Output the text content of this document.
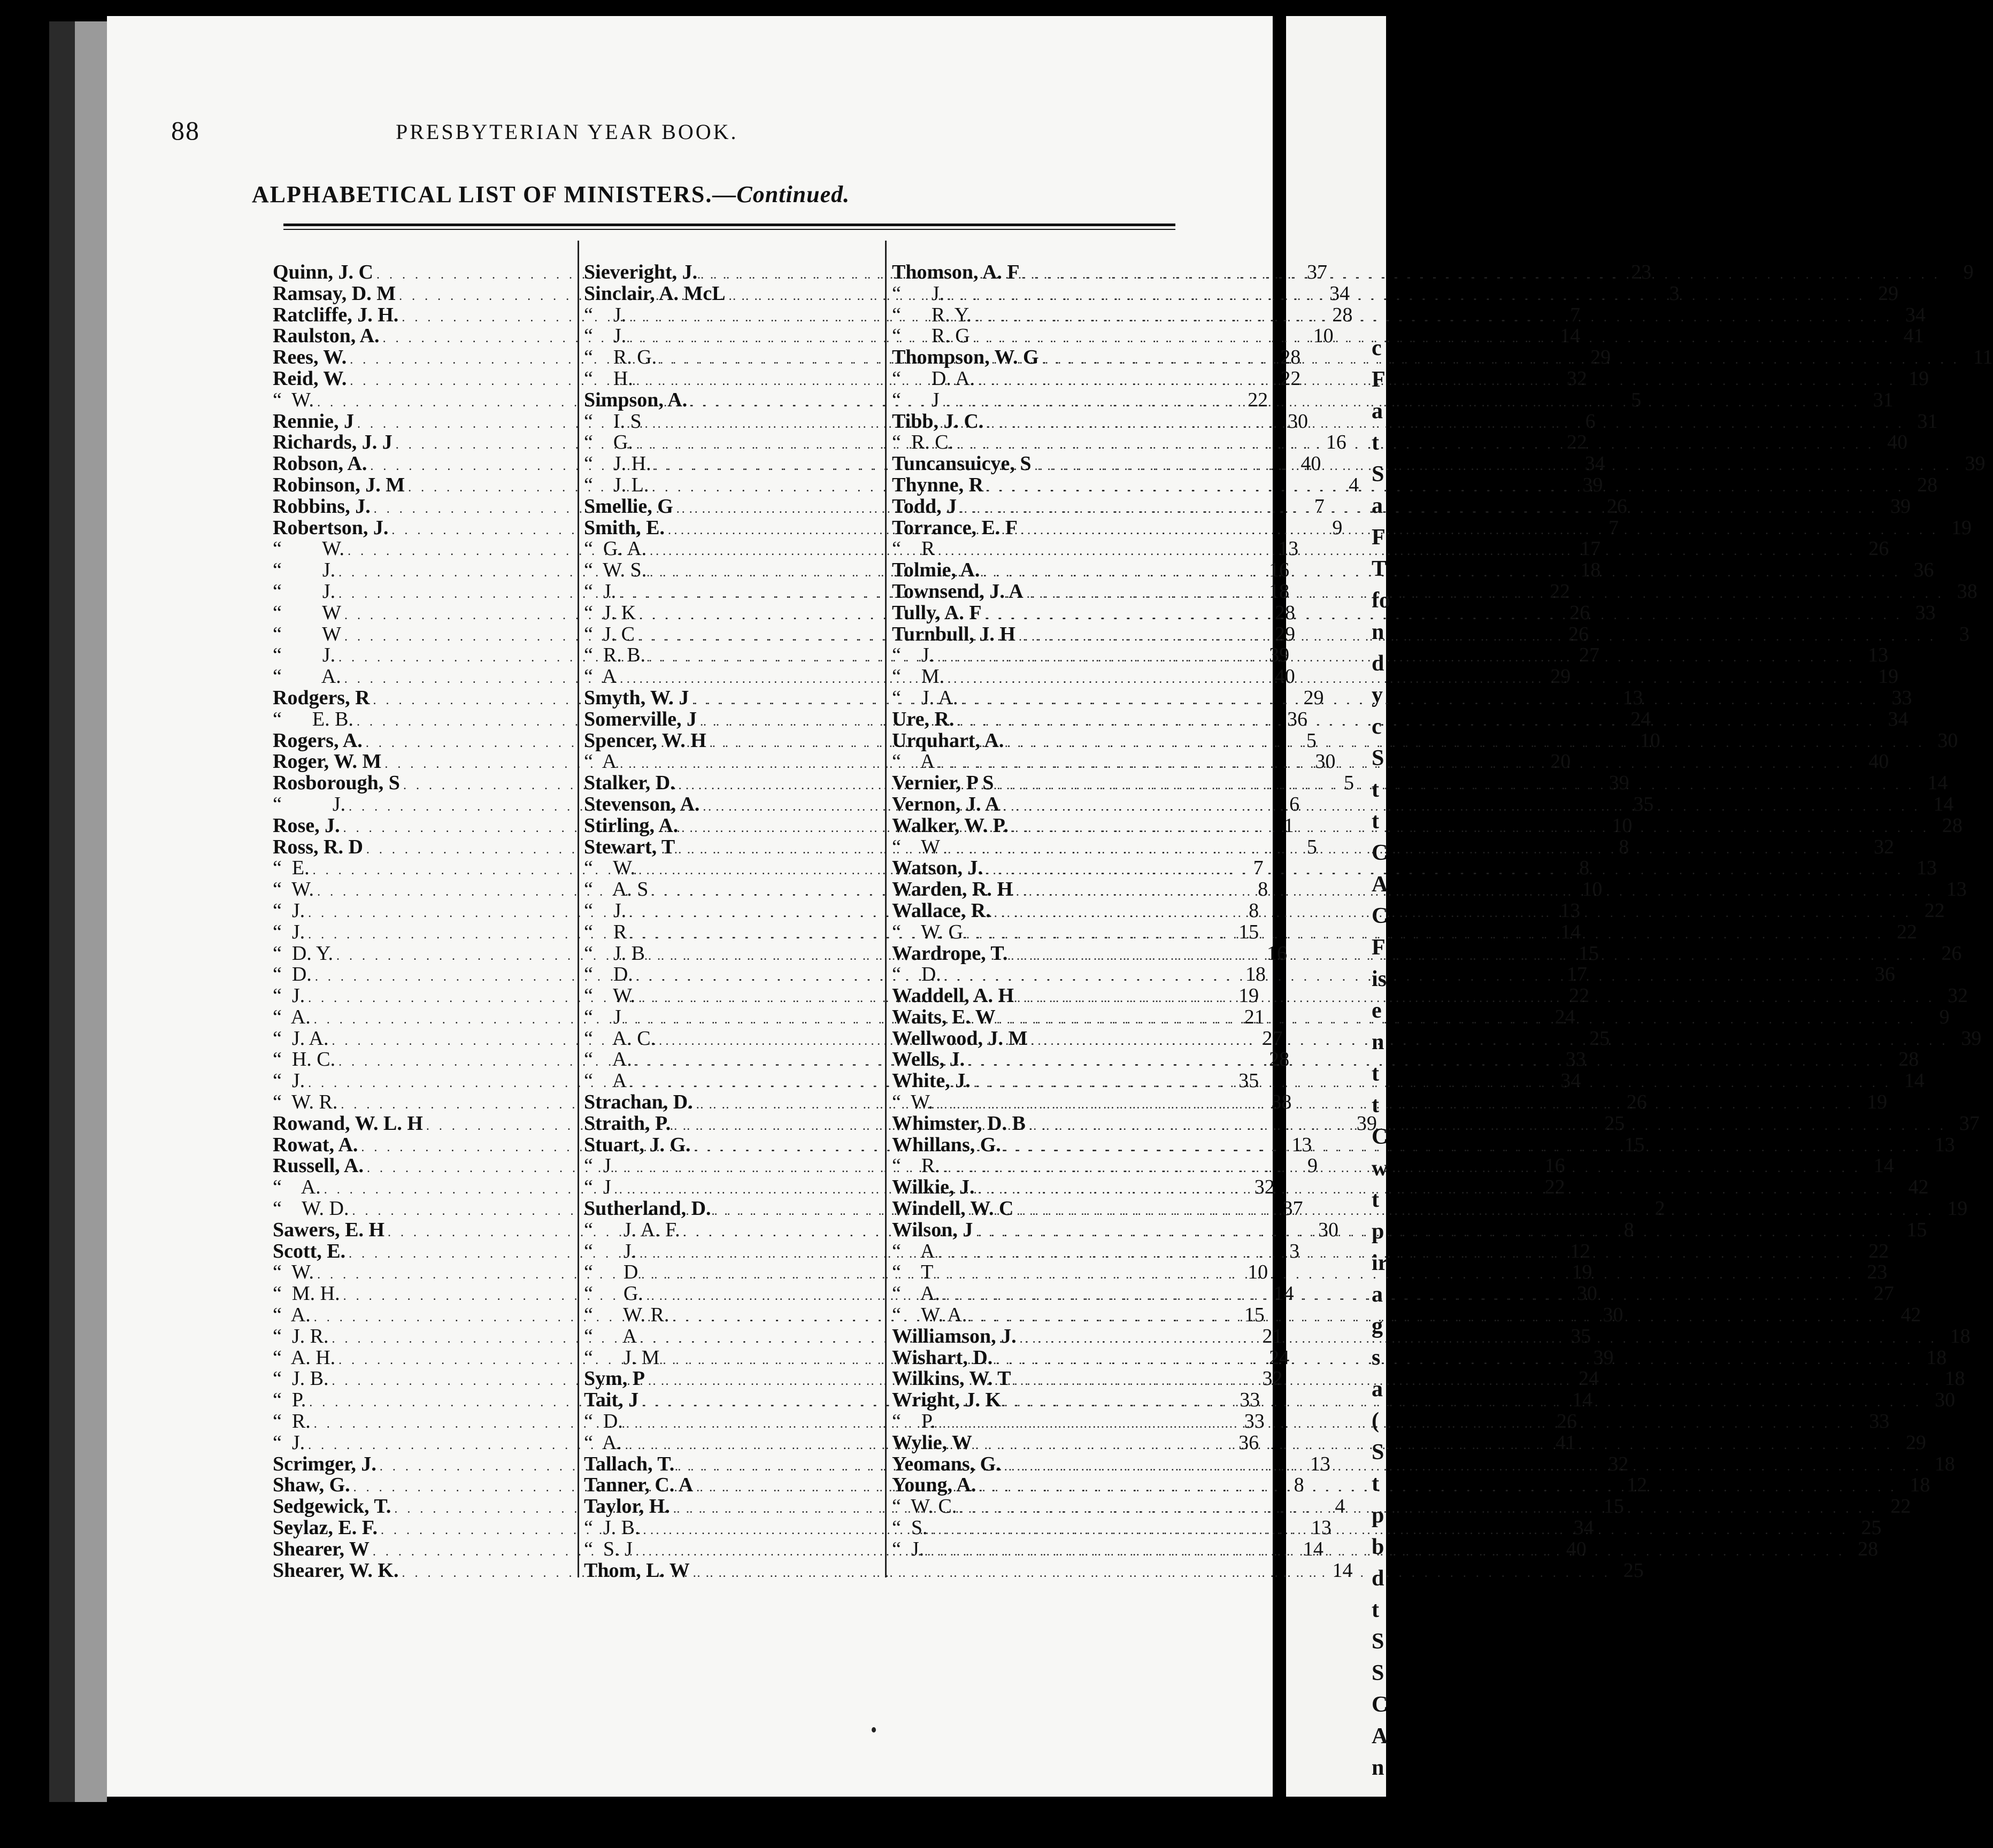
c
F
a
t
S
a
F
T
fo
n
d
y
c
S
t
t
C
A
C
F
is
e
n
t
t
C
w
t
p
ir
a
g
s
a
(
S
t
p
b
d
t
S
S
C
A
n
88	PRESBYTERIAN YEAR BOOK.
ALPHABETICAL LIST OF MINISTERS.—Continued.
Quinn, J. C . . .	37
Ramsay, D. M . . .	34
Ratcliffe, J. H. . . .	28
Raulston, A. . . .	10
Rees, W. . . .	28
Reid, W. . . .	22
“  W. . . .	22
Rennie, J . . .	30
Richards, J. J . . .	16
Robson, A. . . .	40
Robinson, J. M . . .	4
Robbins, J. . . .	7
Robertson, J. . . .	9
“        W. . . .	13
“        J. . . .	16
“        J. . . .	18
“        W . . .	28
“        W . . .	29
“        J. . . .	39
“        A. . . .	40
Rodgers, R . . .	29
“      E. B. . . .	36
Rogers, A. . . .	5
Roger, W. M . . .	30
Rosborough, S . . .	5
“          J. . . .	6
Rose, J. . . .	1
Ross, R. D . . .	5
“  E. . . .	7
“  W. . . .	8
“  J. . . .	8
“  J. . . .	15
“  D. Y. . . .	16
“  D. . . .	18
“  J. . . .	19
“  A. . . .	21
“  J. A. . . .	27
“  H. C. . . .	28
“  J. . . .	35
“  W. R. . . .	38
Rowand, W. L. H . . .	39
Rowat, A. . . .	13
Russell, A. . . .	9
“    A. . . .	32
“    W. D. . . .	37
Sawers, E. H . . .	30
Scott, E. . . .	3
“  W. . . .	10
“  M. H. . . .	14
“  A. . . .	15
“  J. R. . . .	21
“  A. H. . . .	24
“  J. B. . . .	32
“  P. . . .	33
“  R. . . .	33
“  J. . . .	36
Scrimger, J. . . .	13
Shaw, G. . . .	8
Sedgewick, T. . . .	4
Seylaz, E. F. . . .	13
Shearer, W . . .	14
Shearer, W. K. . . .	14
Sieveright, J. . . .	23
Sinclair, A. McL . . .	3
“    J. . . .	7
“    J. . . .	14
“    R. G. . . .	29
“    H. . . .	32
Simpson, A. . . .	5
“    I. S . . .	6
“    G. . . .	22
“    J. H. . . .	34
“    J. L. . . .	39
Smellie, G . . .	26
Smith, E. . . .	7
“  G. A. . . .	17
“  W. S. . . .	18
“  J. . . .	22
“  J. K . . .	26
“  J. C . . .	26
“  R. B. . . .	27
“  A . . .	29
Smyth, W. J . . .	13
Somerville, J . . .	24
Spencer, W. H . . .	10
“  A . . .	20
Stalker, D. . . .	39
Stevenson, A. . . .	35
Stirling, A. . . .	10
Stewart, T . . .	8
“    W. . . .	8
“    A. S . . .	10
“    J. . . .	13
“    R . . .	14
“    J. B . . .	15
“    D. . . .	17
“    W. . . .	22
“    J . . .	24
“    A. C. . . .	25
“    A. . . .	33
“    A . . .	34
Strachan, D. . . .	26
Straith, P. . . .	25
Stuart, J. G. . . .	15
“  J . . .	16
“  J . . .	22
Sutherland, D. . . .	2
“      J. A. F. . . .	8
“      J. . . .	12
“      D . . .	19
“      G. . . .	30
“      W. R. . . .	30
“      A . . .	35
“      J. M . . .	39
Sym, P . . .	24
Tait, J . . .	14
“  D. . . .	26
“  A. . . .	41
Tallach, T. . . .	32
Tanner, C. A . . .	12
Taylor, H. . . .	15
“  J. B. . . .	34
“  S. J . . .	40
Thom, L. W . . .	25
Thomson, A. F . . .	9
“      J. . . .	29
“      R. Y. . . .	34
“      R. G . . .	41
Thompson, W. G . . .	11
“      D. A. . . .	19
“      J . . .	31
Tibb, J. C. . . .	31
“  R. C. . . .	40
Tuncansuicye, S . . .	39
Thynne, R . . .	28
Todd, J . . .	39
Torrance, E. F . . .	19
“    R . . .	26
Tolmie, A. . . .	36
Townsend, J. A . . .	38
Tully, A. F . . .	33
Turnbull, J. H . . .	3
“    J. . . .	13
“    M. . . .	19
“    J. A. . . .	33
Ure, R. . . .	34
Urquhart, A. . . .	30
“    A . . .	40
Vernier, P S . . .	14
Vernon, J. A . . .	14
Walker, W. P. . . .	28
“    W . . .	32
Watson, J. . . .	13
Warden, R. H . . .	13
Wallace, R. . . .	22
“    W. G . . .	22
Wardrope, T. . . .	26
“    D. . . .	36
Waddell, A. H . . .	32
Waits, E. W . . .	9
Wellwood, J. M . . .	39
Wells, J. . . .	28
White, J. . . .	14
“  W. . . .	19
Whimster, D. B . . .	37
Whillans, G. . . .	13
“    R. . . .	14
Wilkie, J. . . .	42
Windell, W. C . . .	19
Wilson, J . . .	15
“    A . . .	22
“    T . . .	23
“    A. . . .	27
“    W. A. . . .	42
Williamson, J. . . .	18
Wishart, D. . . .	18
Wilkins, W. T . . .	18
Wright, J. K . . .	30
“    P. . . .	33
Wylie, W . . .	29
Yeomans, G. . . .	18
Young, A. . . .	18
“  W. C. . . .	22
“  S. . . .	25
“  J. . . .	28
